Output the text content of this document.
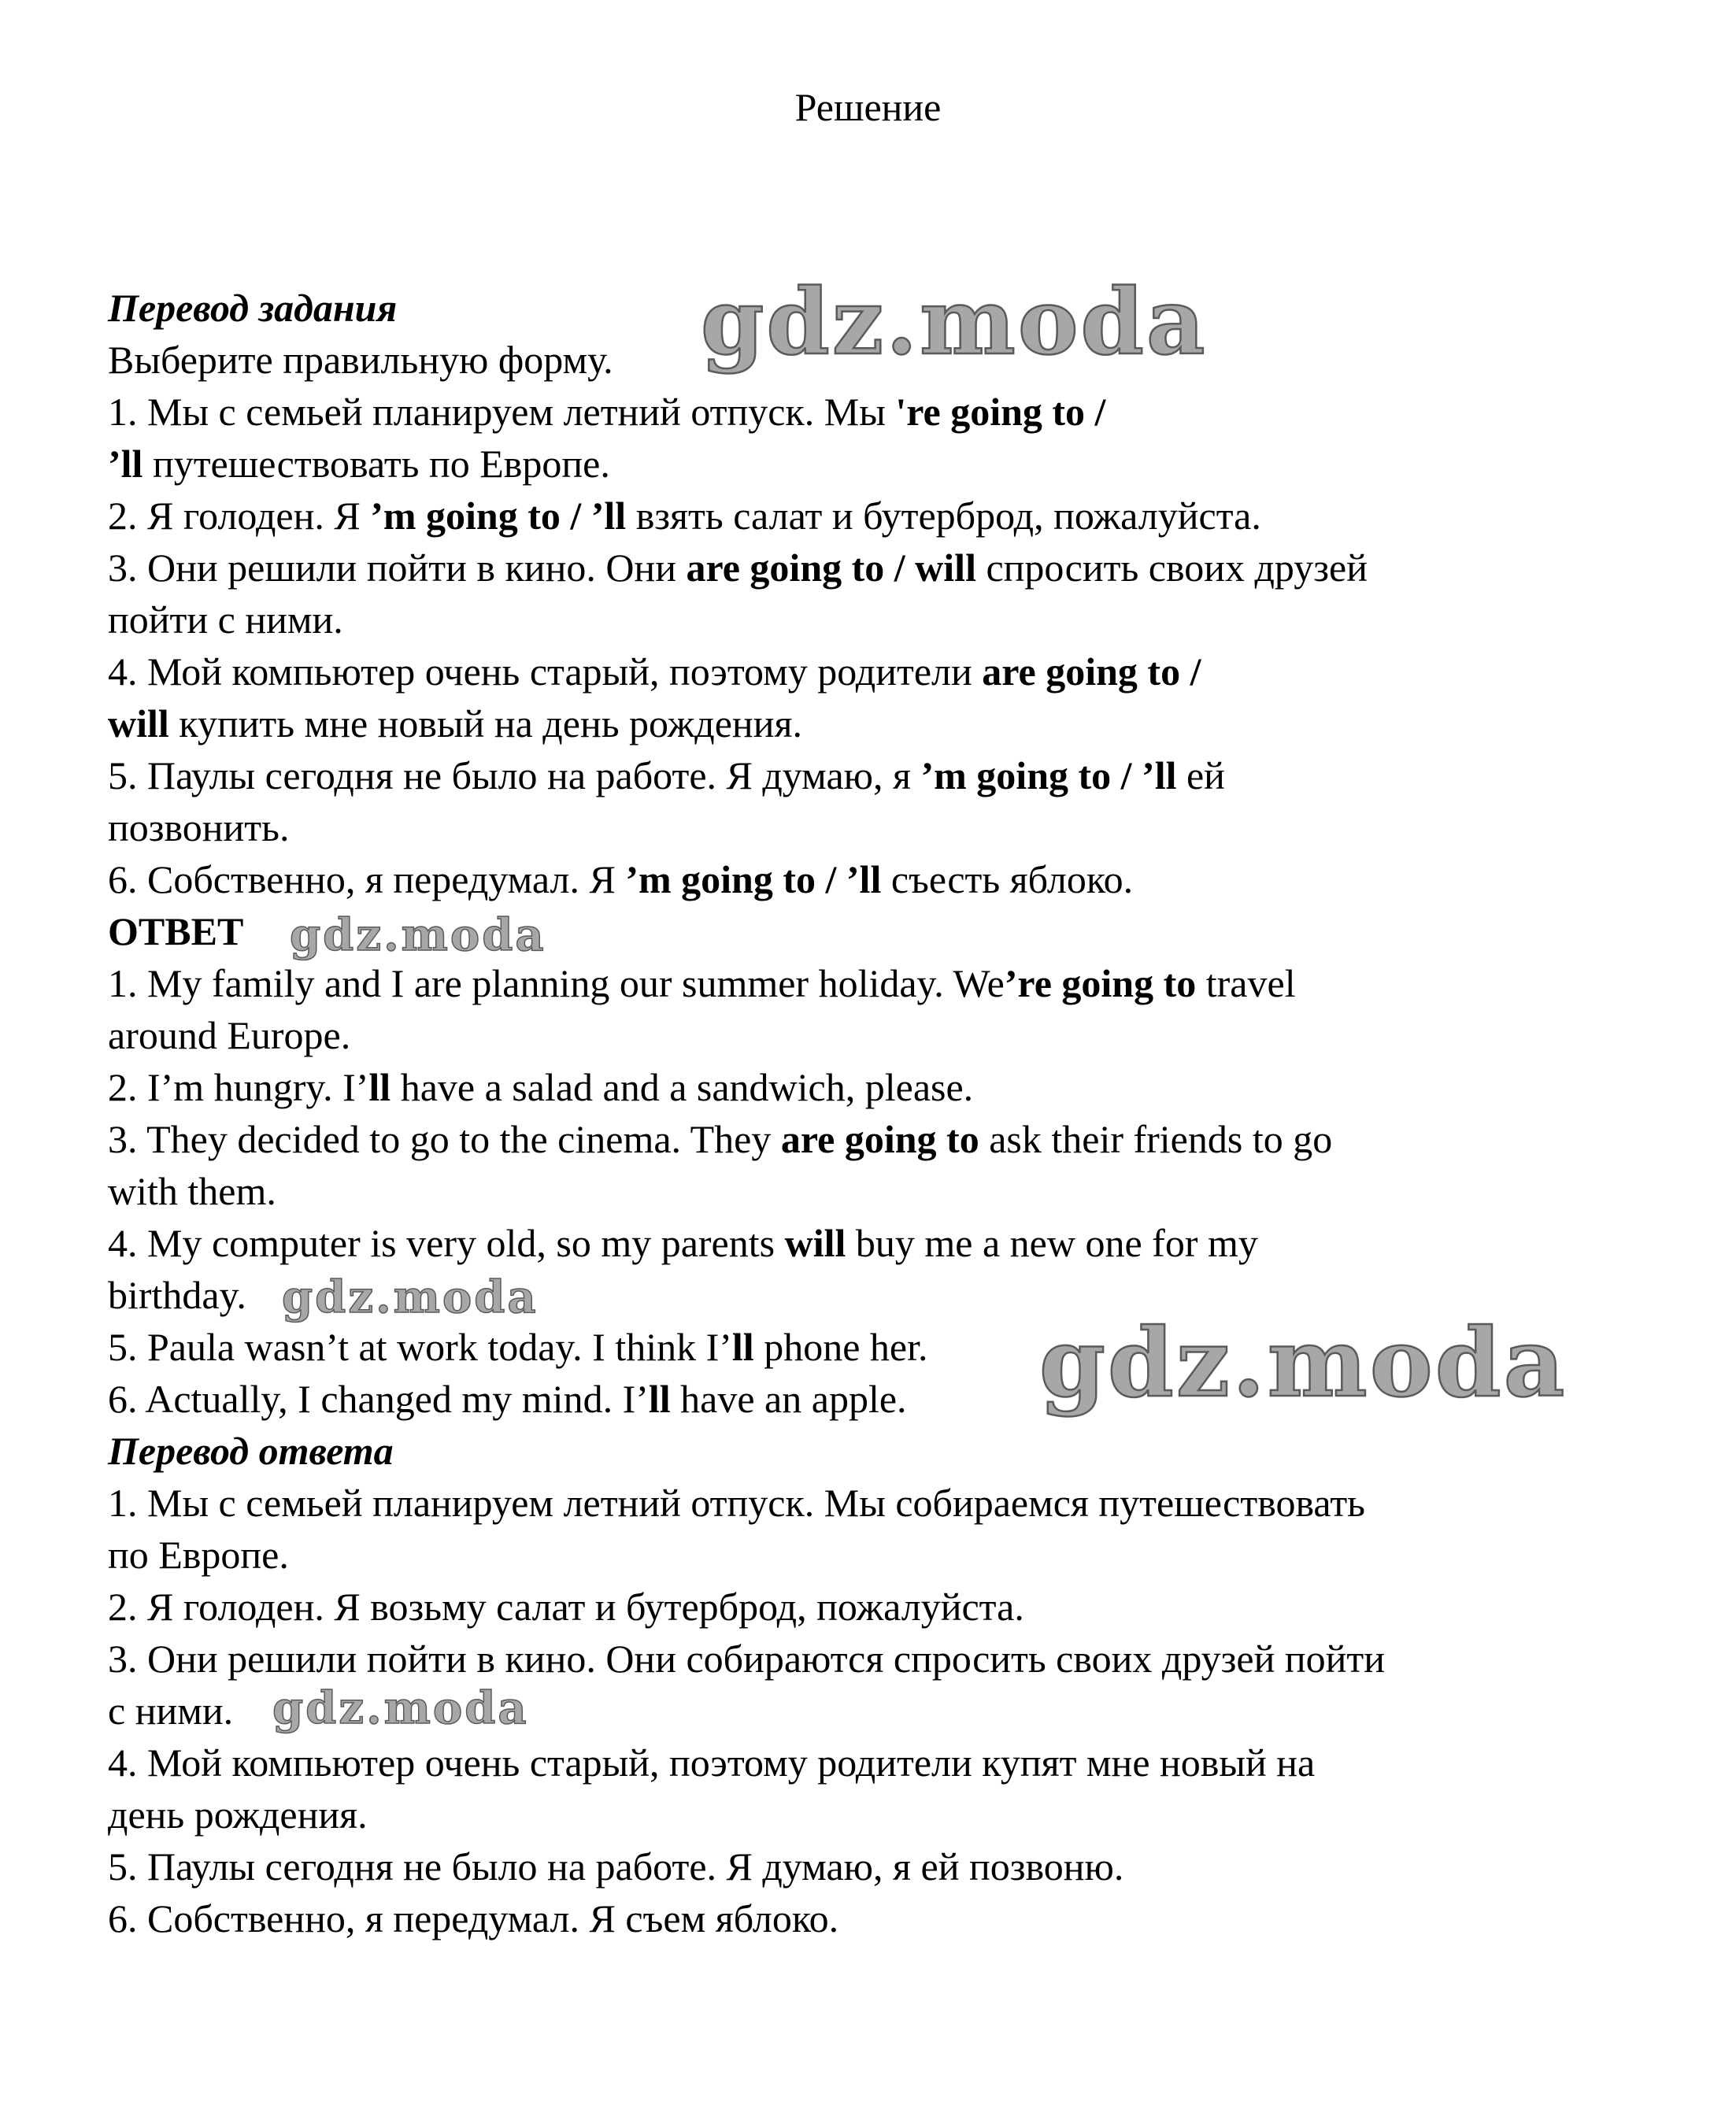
Решение
Перевод задания
Выберите правильную форму.
1. Мы с семьей планируем летний отпуск. Мы 're going to /
’ll путешествовать по Европе.
2. Я голоден. Я ’m going to / ’ll взять салат и бутерброд, пожалуйста.
3. Они решили пойти в кино. Они are going to / will спросить своих друзей
пойти с ними.
4. Мой компьютер очень старый, поэтому родители are going to /
will купить мне новый на день рождения.
5. Паулы сегодня не было на работе. Я думаю, я ’m going to / ’ll ей
позвонить.
6. Собственно, я передумал. Я ’m going to / ’ll съесть яблоко.
ОТВЕТ
1. My family and I are planning our summer holiday. We’re going to travel
around Europe.
2. I’m hungry. I’ll have a salad and a sandwich, please.
3. They decided to go to the cinema. They are going to ask their friends to go
with them.
4. My computer is very old, so my parents will buy me a new one for my
birthday.
5. Paula wasn’t at work today. I think I’ll phone her.
6. Actually, I changed my mind. I’ll have an apple.
Перевод ответа
1. Мы с семьей планируем летний отпуск. Мы собираемся путешествовать
по Европе.
2. Я голоден. Я возьму салат и бутерброд, пожалуйста.
3. Они решили пойти в кино. Они собираются спросить своих друзей пойти
с ними.
4. Мой компьютер очень старый, поэтому родители купят мне новый на
день рождения.
5. Паулы сегодня не было на работе. Я думаю, я ей позвоню.
6. Собственно, я передумал. Я съем яблоко.
gdz.moda
gdz.moda
gdz.moda
gdz.moda
gdz.moda
